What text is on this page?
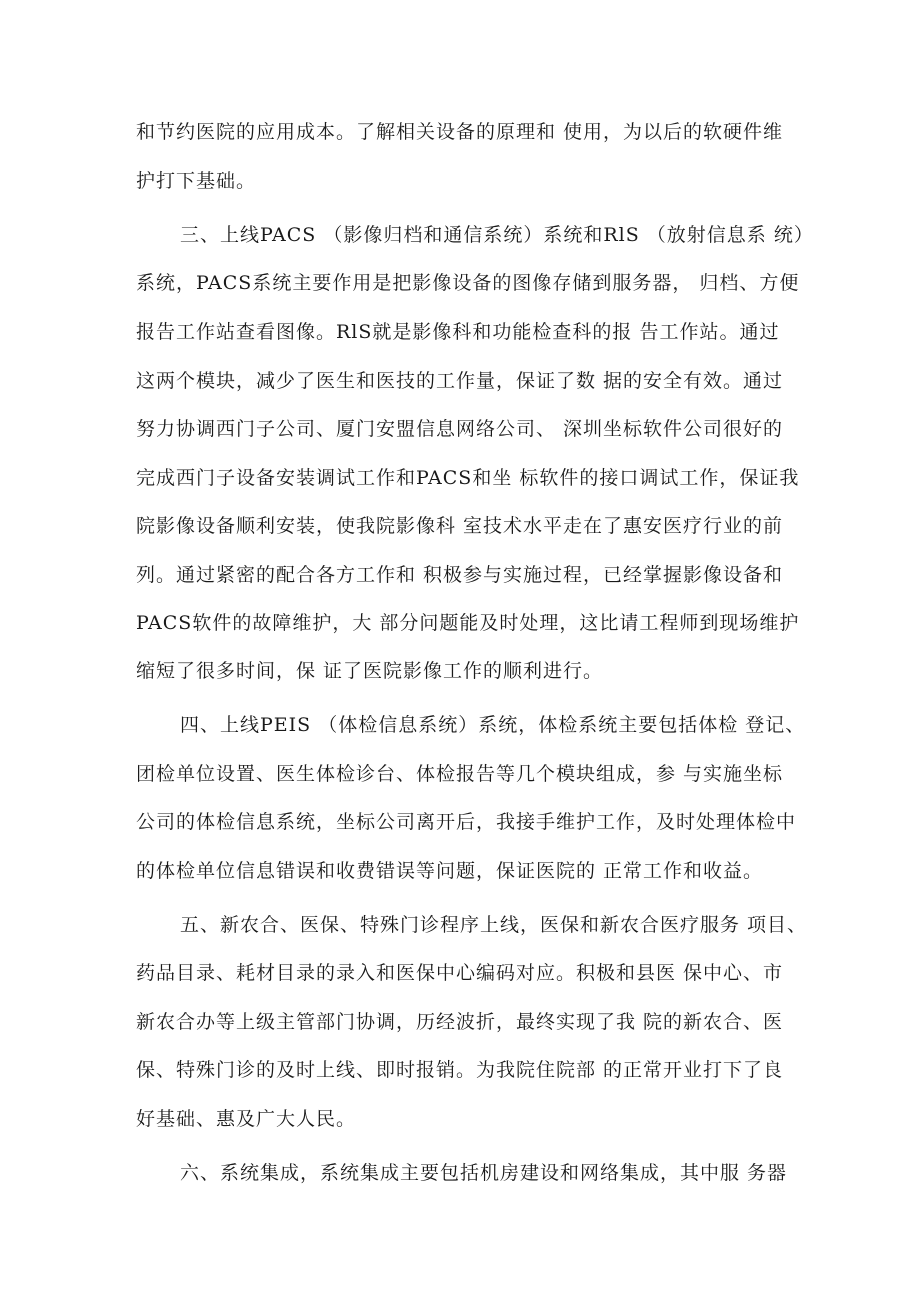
和节约医院的应用成本。了解相关设备的原理和 使用，为以后的软硬件维
护打下基础。
三、上线PACS （影像归档和通信系统）系统和RlS （放射信息系 统）
系统，PACS系统主要作用是把影像设备的图像存储到服务器， 归档、方便
报告工作站查看图像。RlS就是影像科和功能检查科的报 告工作站。通过
这两个模块，减少了医生和医技的工作量，保证了数 据的安全有效。通过
努力协调西门子公司、厦门安盟信息网络公司、 深圳坐标软件公司很好的
完成西门子设备安装调试工作和PACS和坐 标软件的接口调试工作，保证我
院影像设备顺利安装，使我院影像科 室技术水平走在了惠安医疗行业的前
列。通过紧密的配合各方工作和 积极参与实施过程，已经掌握影像设备和
PACS软件的故障维护，大 部分问题能及时处理，这比请工程师到现场维护
缩短了很多时间，保 证了医院影像工作的顺利进行。
四、上线PEIS （体检信息系统）系统，体检系统主要包括体检 登记、
团检单位设置、医生体检诊台、体检报告等几个模块组成，参 与实施坐标
公司的体检信息系统，坐标公司离开后，我接手维护工作，及时处理体检中
的体检单位信息错误和收费错误等问题，保证医院的 正常工作和收益。
五、新农合、医保、特殊门诊程序上线，医保和新农合医疗服务 项目、
药品目录、耗材目录的录入和医保中心编码对应。积极和县医 保中心、市
新农合办等上级主管部门协调，历经波折，最终实现了我 院的新农合、医
保、特殊门诊的及时上线、即时报销。为我院住院部 的正常开业打下了良
好基础、惠及广大人民。
六、系统集成，系统集成主要包括机房建设和网络集成，其中服 务器
